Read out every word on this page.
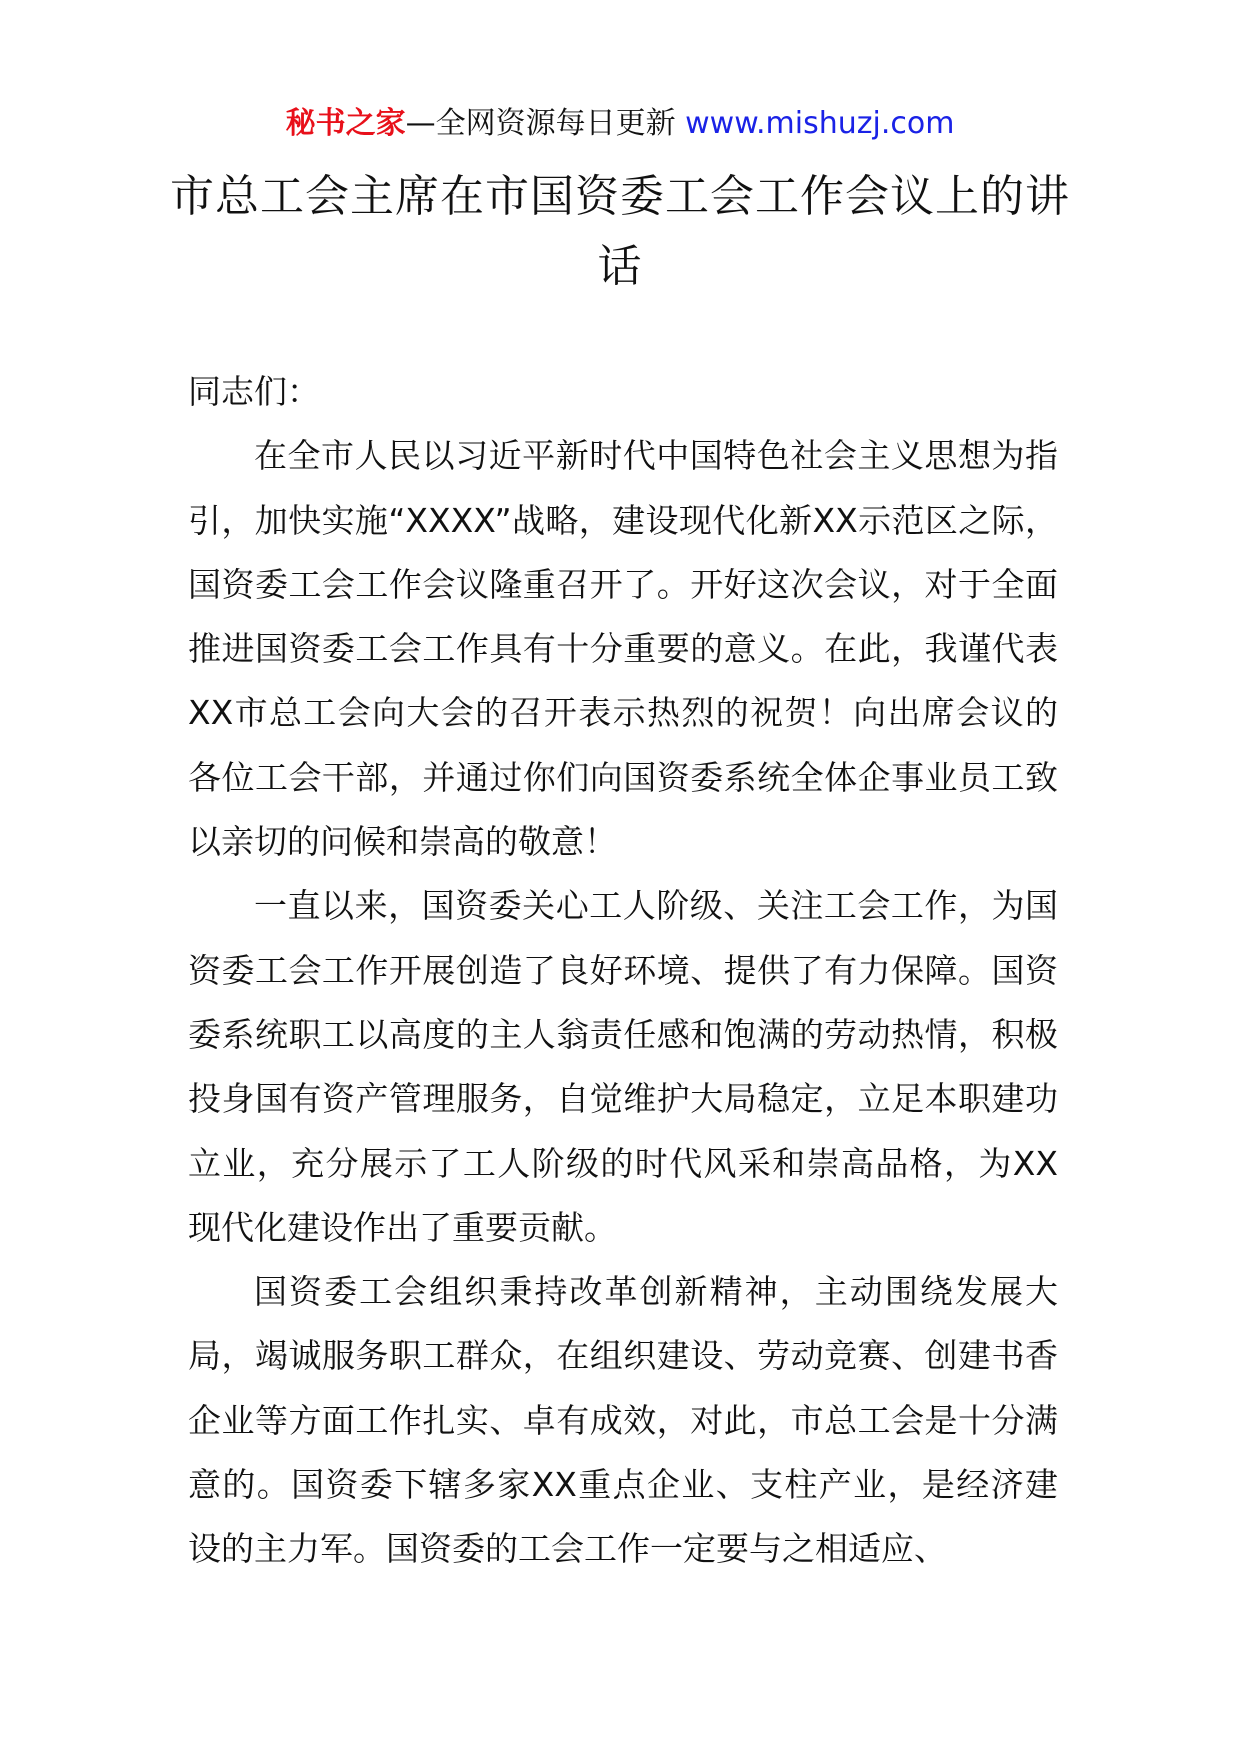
秘书之家—全网资源每日更新 www.mishuzj.com
市总工会主席在市国资委工会工作会议上的讲话

同志们：

在全市人民以习近平新时代中国特色社会主义思想为指引，加快实施“XXXX”战略，建设现代化新XX示范区之际，国资委工会工作会议隆重召开了。开好这次会议，对于全面推进国资委工会工作具有十分重要的意义。在此，我谨代表XX市总工会向大会的召开表示热烈的祝贺！向出席会议的各位工会干部，并通过你们向国资委系统全体企事业员工致以亲切的问候和崇高的敬意！

一直以来，国资委关心工人阶级、关注工会工作，为国资委工会工作开展创造了良好环境、提供了有力保障。国资委系统职工以高度的主人翁责任感和饱满的劳动热情，积极投身国有资产管理服务，自觉维护大局稳定，立足本职建功立业，充分展示了工人阶级的时代风采和崇高品格，为XX现代化建设作出了重要贡献。

国资委工会组织秉持改革创新精神，主动围绕发展大局，竭诚服务职工群众，在组织建设、劳动竞赛、创建书香企业等方面工作扎实、卓有成效，对此，市总工会是十分满意的。国资委下辖多家XX重点企业、支柱产业，是经济建设的主力军。国资委的工会工作一定要与之相适应、
